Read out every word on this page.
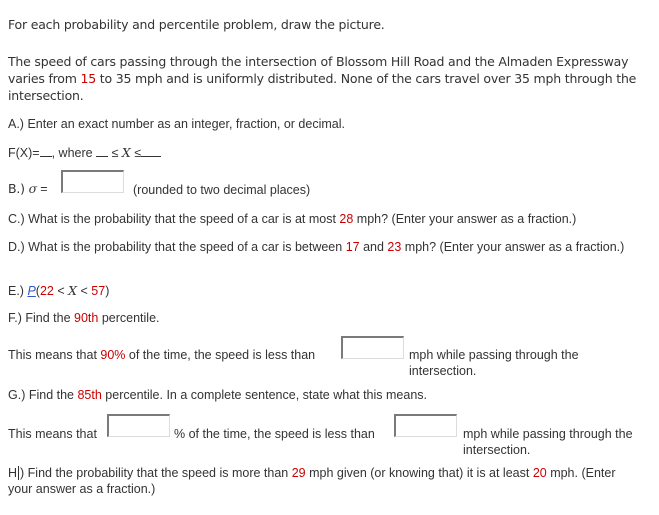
For each probability and percentile problem, draw the picture.
The speed of cars passing through the intersection of Blossom Hill Road and the Almaden Expressway varies from 15 to 35 mph and is uniformly distributed. None of the cars travel over 35 mph through the intersection.
A.) Enter an exact number as an integer, fraction, or decimal.
F(X)= , where  ≤ X ≤
B.) σ =	(rounded to two decimal places)
C.) What is the probability that the speed of a car is at most 28 mph? (Enter your answer as a fraction.)
D.) What is the probability that the speed of a car is between 17 and 23 mph? (Enter your answer as a fraction.)
E.) P(22 < X < 57)
F.) Find the 90th percentile.
This means that 90% of the time, the speed is less than	mph while passing through the intersection.
G.) Find the 85th percentile. In a complete sentence, state what this means.
This means that	% of the time, the speed is less than	mph while passing through the intersection.
H ) Find the probability that the speed is more than 29 mph given (or knowing that) it is at least 20 mph. (Enter your answer as a fraction.)
